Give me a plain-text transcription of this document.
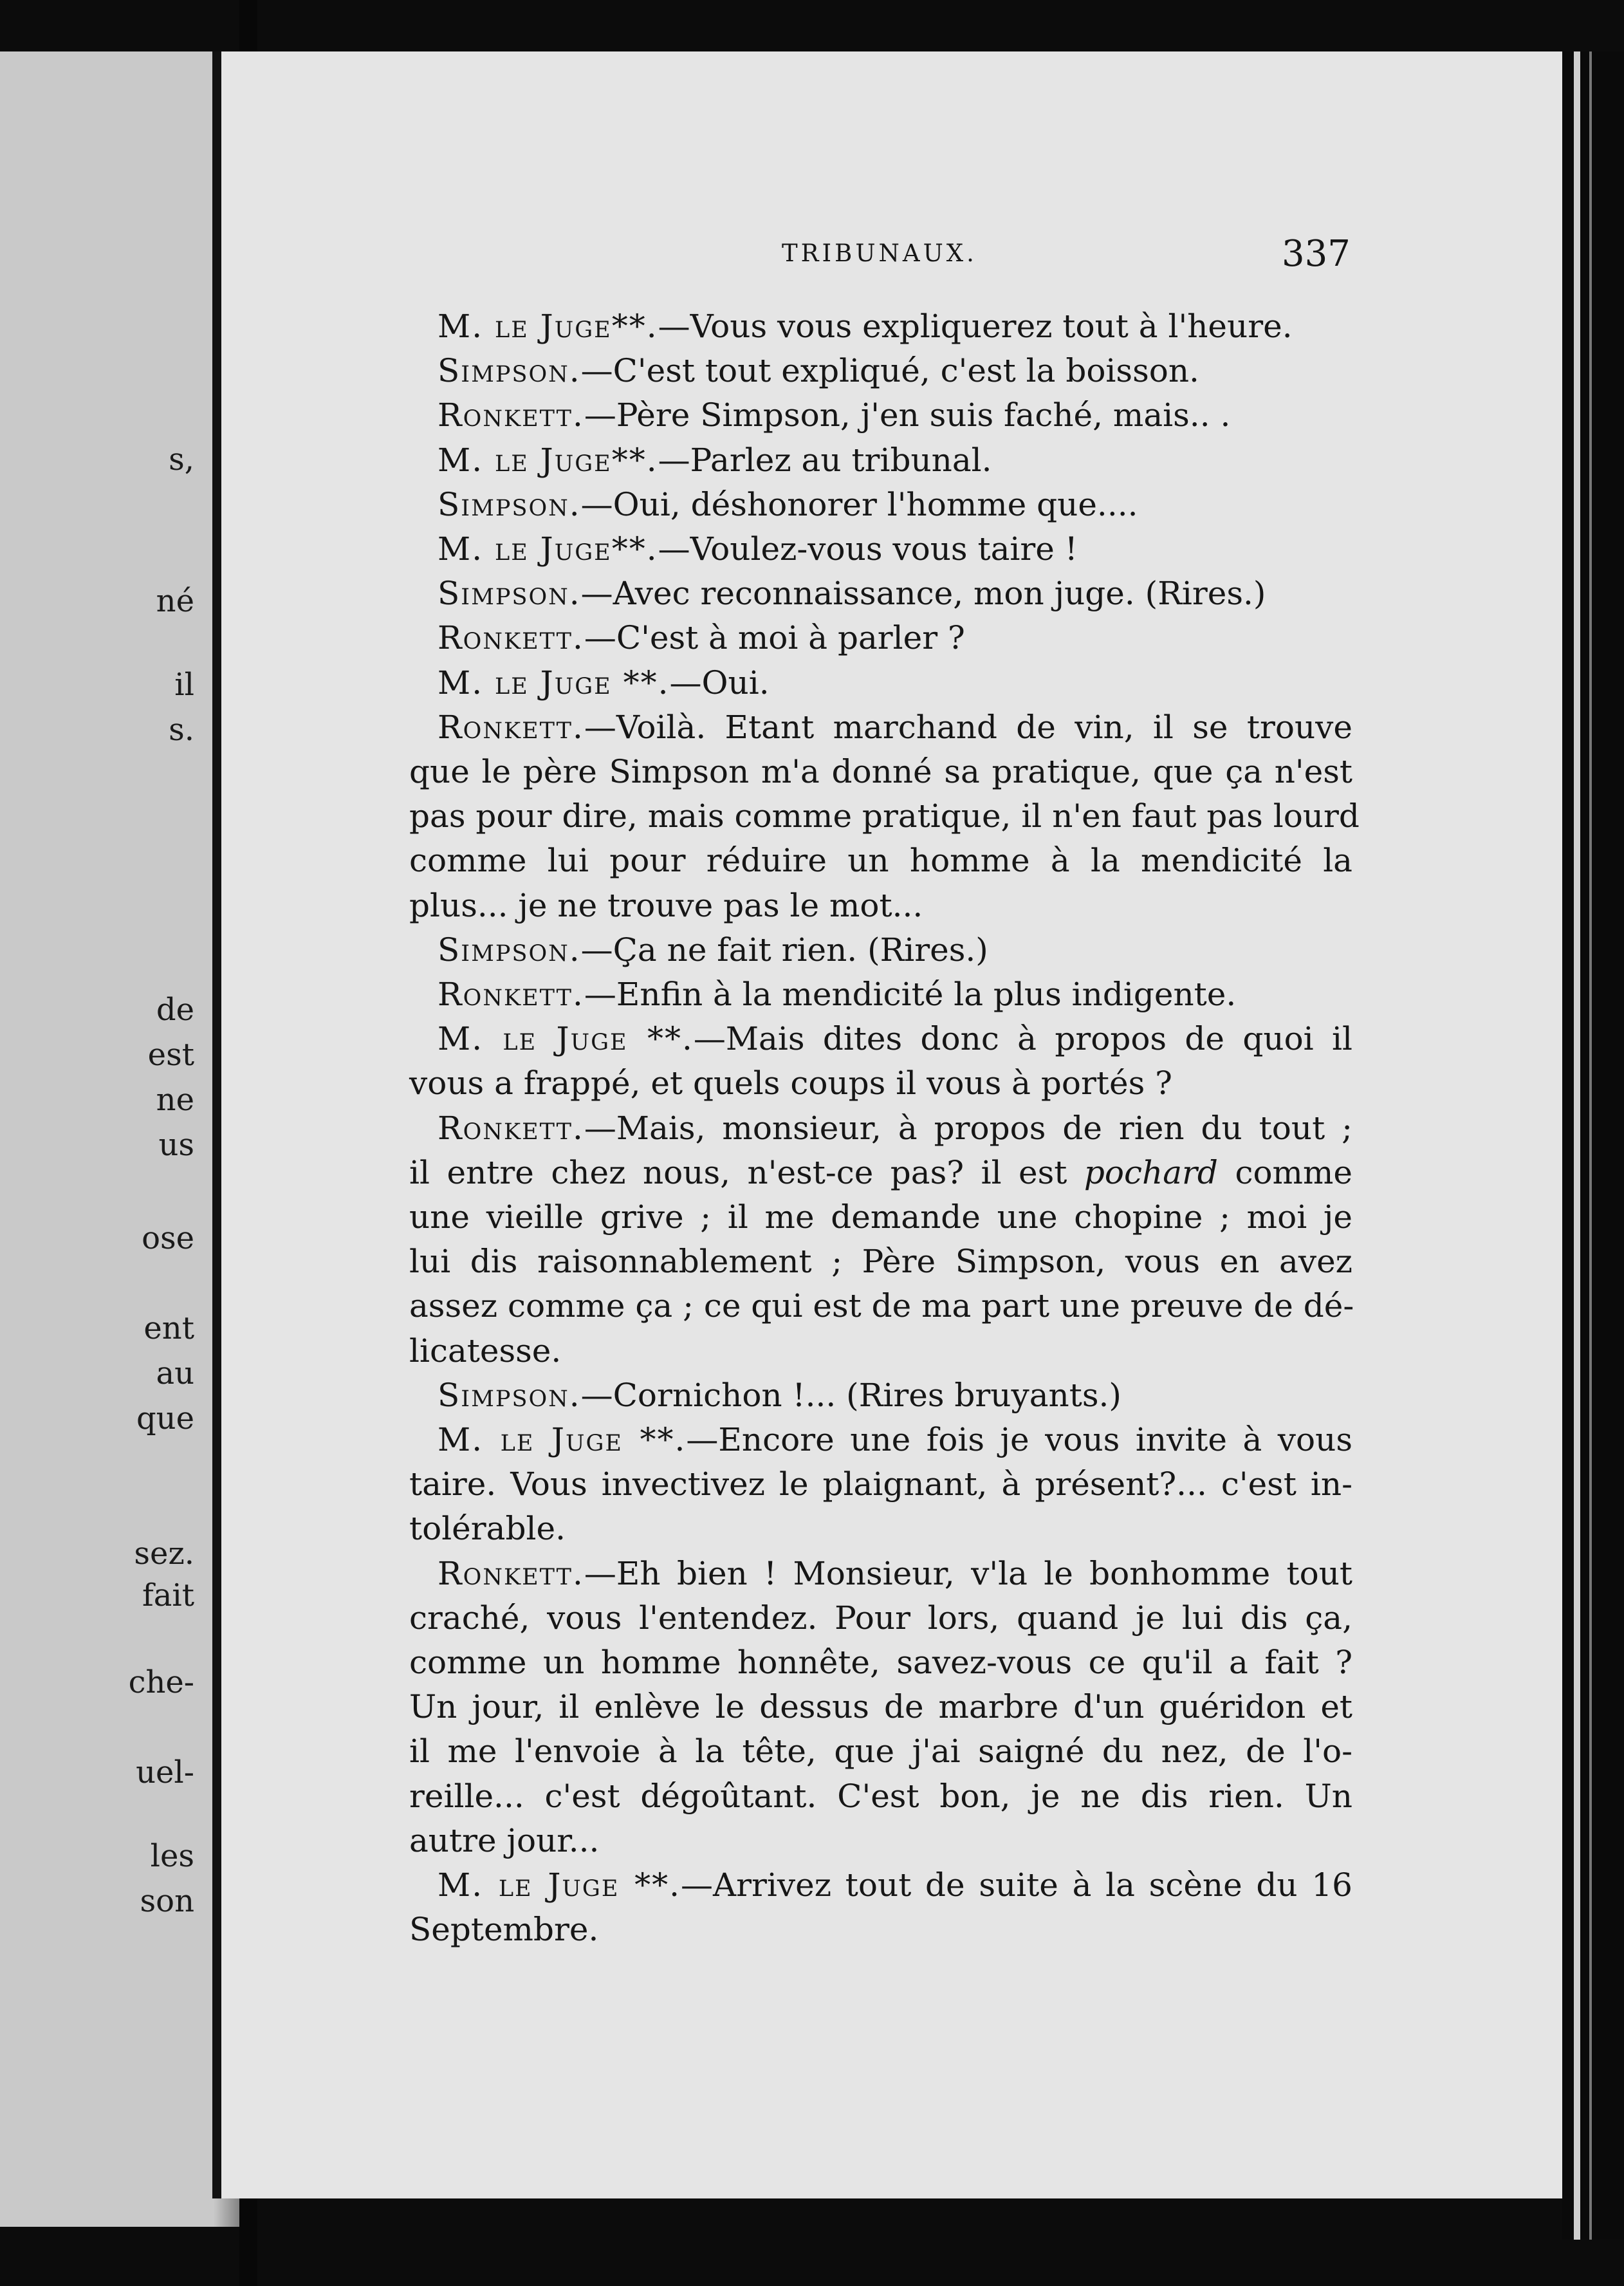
s,
né
il
s.
de
est
ne
us
ose
ent
au
que
sez.
fait
che-
uel-
les
son
TRIBUNAUX.	337
M. le Juge**.—Vous vous expliquerez tout à l'heure.
Simpson.—C'est tout expliqué, c'est la boisson.
Ronkett.—Père Simpson, j'en suis faché, mais.. .
M. le Juge**.—Parlez au tribunal.
Simpson.—Oui, déshonorer l'homme que....
M. le Juge**.—Voulez-vous vous taire !
Simpson.—Avec reconnaissance, mon juge. (Rires.)
Ronkett.—C'est à moi à parler ?
M. le Juge **.—Oui.
Ronkett.—Voilà. Etant marchand de vin, il se trouve
que le père Simpson m'a donné sa pratique, que ça n'est
pas pour dire, mais comme pratique, il n'en faut pas lourd
comme lui pour réduire un homme à la mendicité la
plus... je ne trouve pas le mot...
Simpson.—Ça ne fait rien. (Rires.)
Ronkett.—Enfin à la mendicité la plus indigente.
M. le Juge **.—Mais dites donc à propos de quoi il
vous a frappé, et quels coups il vous à portés ?
Ronkett.—Mais, monsieur, à propos de rien du tout ;
il entre chez nous, n'est-ce pas? il est pochard comme
une vieille grive ; il me demande une chopine ; moi je
lui dis raisonnablement ; Père Simpson, vous en avez
assez comme ça ; ce qui est de ma part une preuve de dé-
licatesse.
Simpson.—Cornichon !... (Rires bruyants.)
M. le Juge **.—Encore une fois je vous invite à vous
taire. Vous invectivez le plaignant, à présent?... c'est in-
tolérable.
Ronkett.—Eh bien ! Monsieur, v'la le bonhomme tout
craché, vous l'entendez. Pour lors, quand je lui dis ça,
comme un homme honnête, savez-vous ce qu'il a fait ?
Un jour, il enlève le dessus de marbre d'un guéridon et
il me l'envoie à la tête, que j'ai saigné du nez, de l'o-
reille... c'est dégoûtant. C'est bon, je ne dis rien. Un
autre jour...
M. le Juge **.—Arrivez tout de suite à la scène du 16
Septembre.
